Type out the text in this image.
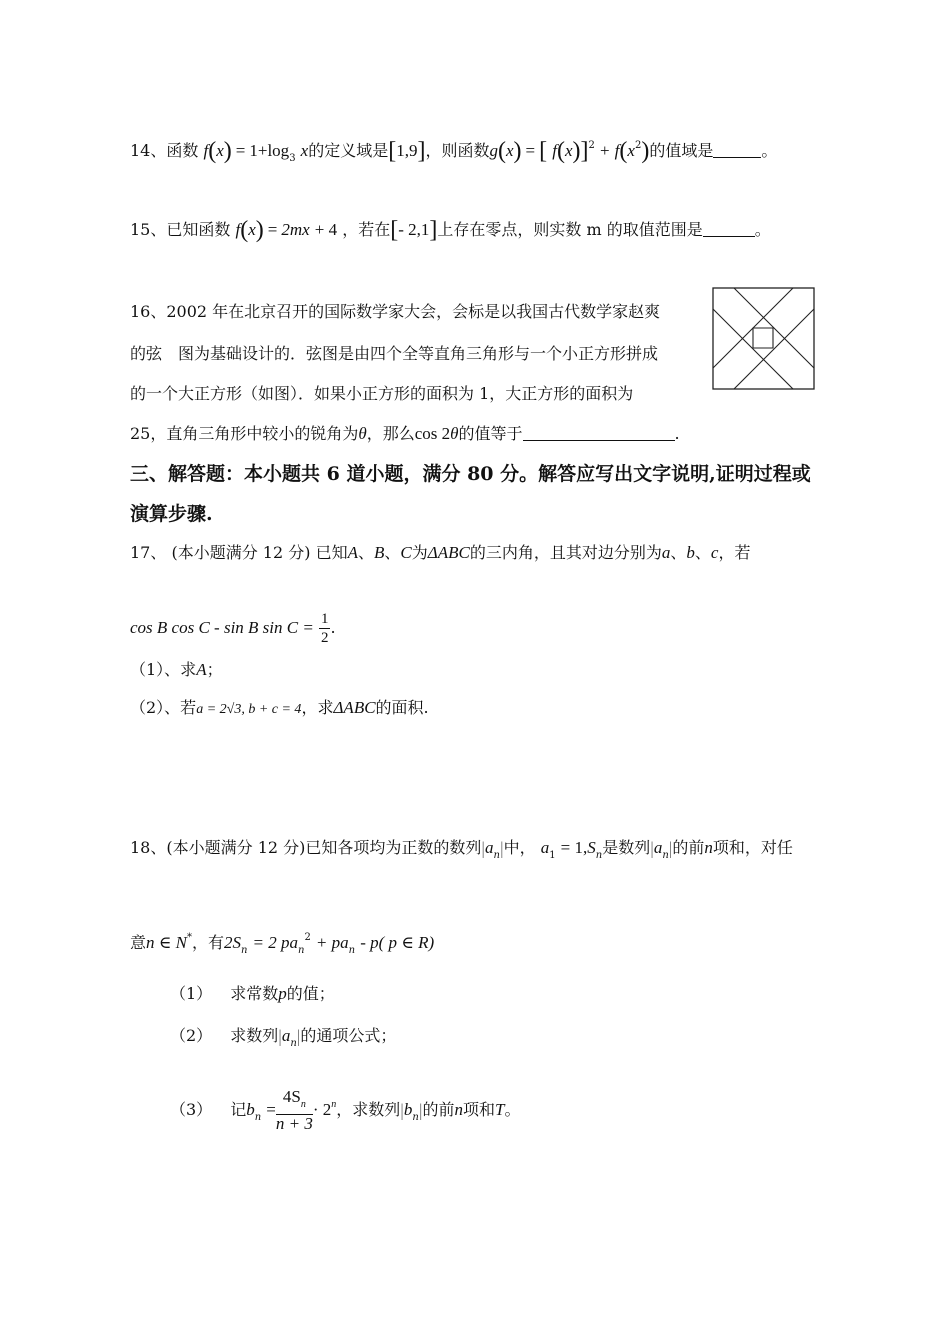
14、函数 $f(x) = 1+\log_3$ x的定义域是[1,9]，则函数g(x) = [ $f(x)]^2 + f(x^2)$的值域是	。
15、已知函数 f(x) = 2mx + 4 ，若在[- 2,1]上存在零点，则实数 m 的取值范围是	。
16、2002 年在北京召开的国际数学家大会，会标是以我国古代数学家赵爽
的弦　图为基础设计的．弦图是由四个全等直角三角形与一个小正方形拼成
的一个大正方形（如图）．如果小正方形的面积为 1，大正方形的面积为
25，直角三角形中较小的锐角为θ，那么cos 2θ的值等于	.
三、解答题：本小题共 6 道小题，满分 80 分。解答应写出文字说明,证明过程或
演算步骤.
17、 (本小题满分 12 分) 已知A、B、C为ΔABC的三内角，且其对边分别为a、b、c，若
cos B cos C - sin B $\sin C = \frac{1}{2}$ .
（1）、求A；
（2）、若a = 2√3, b + c = 4，求ΔABC的面积.
18、(本小题满分 12 分)已知各项均为正数的数列$|a_n|$中， $a_1 = 1,S_n$是数列$|a_n|$的前n项和，对任
意n ∈ N*，有$2S_n = 2$ $pa_n^2 + pa_n - p$( p ∈ R)
（1） 求常数p的值；
（2） 求数列$|a_n|$的通项公式；
（3） 记$b_n = \frac{4S_n}{n + 3} \cdot 2^n$，求数列$|b_n|$的前n项和T。
